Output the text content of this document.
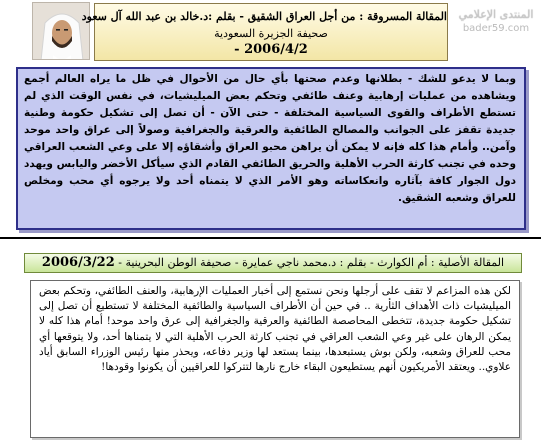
المقالة المسروقة : من أجل العراق الشقيق - بقلم :د.خالد بن عبد الله آل سعود
صحيفة الجزيرة السعودية
2006/4/2 -
المنتدى الإعلامي
bader59.com
وبما لا يدعو للشك - بطلانها وعدم صحتها بأي حال من الأحوال في ظل ما يراه العالم أجمع ويشاهده من عمليات إرهابية وعنف طائفي وتحكم بعض الميليشيات، في نفس الوقت الذي لم تستطع الأطراف والقوى السياسية المختلفة - حتى الآن - أن تصل إلى تشكيل حكومة وطنية جديدة تقفز على الجوانب والمصالح الطائفية والعرقية والجغرافية وصولاً إلى عراق واحد موحد وآمن.. وأمام هذا كله فإنه لا يمكن أن يراهن محبو العراق وأشقاؤه إلا على وعي الشعب العراقي وحده في تجنب كارثة الحرب الأهلية والحريق الطائفي القادم الذي سيأكل الأخضر واليابس ويهدد دول الجوار كافة بآثاره وانعكاساته وهو الأمر الذي لا يتمناه أحد ولا يرجوه أي محب ومخلص للعراق وشعبه الشقيق.
المقالة الأصلية : أم الكوارث - بقلم : د.محمد ناجي عمايرة - صحيفة الوطن البحرينية - 2006/3/22
لكن هذه المزاعم لا تقف على أرجلها ونحن نستمع إلى أخبار العمليات الإرهابية، والعنف الطائفي، وتحكم بعض الميليشيات ذات الأهداف الثأرية .. في حين أن الأطراف السياسية والطائفية المختلفة لا تستطيع أن تصل إلى تشكيل حكومة جديدة، تتخطى المحاصصة الطائفية والعرقية والجغرافية إلى عرق واحد موحد! أمام هذا كله لا يمكن الرهان على غير وعي الشعب العراقي في تجنب كارثة الحرب الأهلية التي لا يتمناها أحد، ولا يتوقعها أي محب للعراق وشعبه، ولكن بوش يستبعدها، بينما يستعد لها وزير دفاعه، ويحذر منها رئيس الوزراء السابق أياد علاوي.. ويعتقد الأمريكيون أنهم يستطيعون البقاء خارج نارها لتتركوا للعراقيين أن يكونوا وقودها!
